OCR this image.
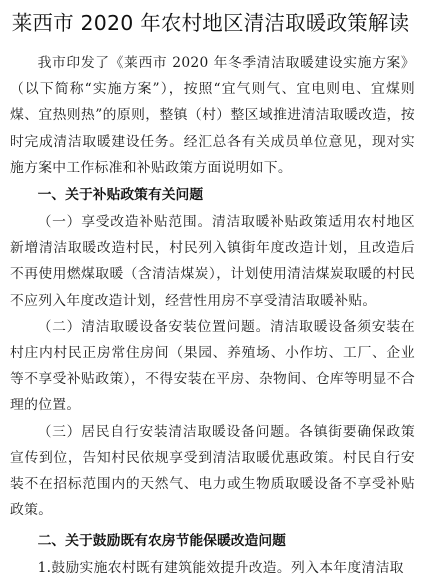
莱西市 2020 年农村地区清洁取暖政策解读

我市印发了《莱西市 2020 年冬季清洁取暖建设实施方案》（以下简称“实施方案”），按照“宜气则气、宜电则电、宜煤则煤、宜热则热”的原则，整镇（村）整区域推进清洁取暖改造，按时完成清洁取暖建设任务。经汇总各有关成员单位意见，现对实施方案中工作标准和补贴政策方面说明如下。

一、关于补贴政策有关问题

（一）享受改造补贴范围。清洁取暖补贴政策适用农村地区新增清洁取暖改造村民，村民列入镇街年度改造计划，且改造后不再使用燃煤取暖（含清洁煤炭），计划使用清洁煤炭取暖的村民不应列入年度改造计划，经营性用房不享受清洁取暖补贴。

（二）清洁取暖设备安装位置问题。清洁取暖设备须安装在村庄内村民正房常住房间（果园、养殖场、小作坊、工厂、企业等不享受补贴政策），不得安装在平房、杂物间、仓库等明显不合理的位置。

（三）居民自行安装清洁取暖设备问题。各镇街要确保政策宣传到位，告知村民依规享受到清洁取暖优惠政策。村民自行安装不在招标范围内的天然气、电力或生物质取暖设备不享受补贴政策。

二、关于鼓励既有农房节能保暖改造问题

1.鼓励实施农村既有建筑能效提升改造。列入本年度清洁取
